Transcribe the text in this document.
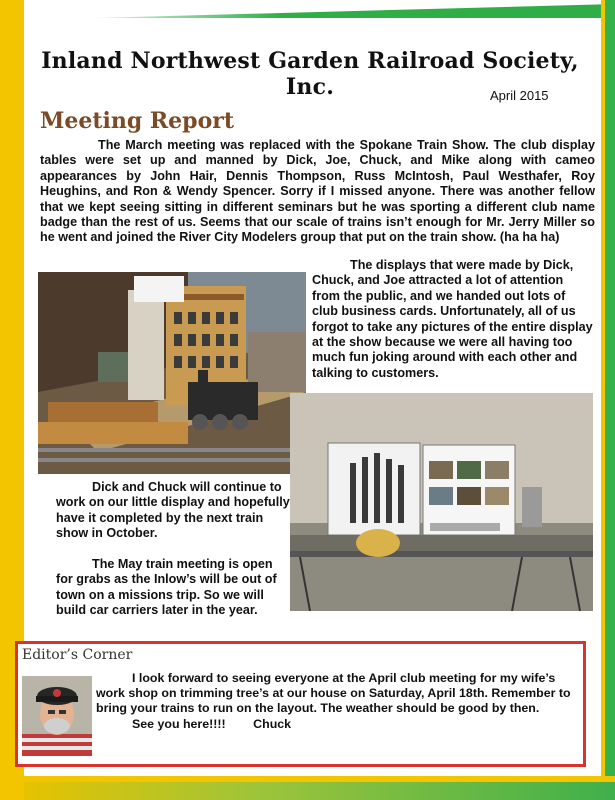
Inland Northwest Garden Railroad Society, Inc.	April 2015
Meeting Report
The March meeting was replaced with the Spokane Train Show. The club display tables were set up and manned by Dick, Joe, Chuck, and Mike along with cameo appearances by John Hair, Dennis Thompson, Russ McIntosh, Paul Westhafer, Roy Heughins, and Ron & Wendy Spencer. Sorry if I missed anyone. There was another fellow that we kept seeing sitting in different seminars but he was sporting a different club name badge than the rest of us. Seems that our scale of trains isn’t enough for Mr. Jerry Miller so he went and joined the River City Modelers group that put on the train show. (ha ha ha)
The displays that were made by Dick, Chuck, and Joe attracted a lot of attention from the public, and we handed out lots of club business cards. Unfortunately, all of us forgot to take any pictures of the entire display at the show because we were all having too much fun joking around with each other and talking to customers.
Dick and Chuck will continue to work on our little display and hopefully have it completed by the next train show in October.
The May train meeting is open for grabs as the Inlow’s will be out of town on a missions trip. So we will build car carriers later in the year.
Editor’s Corner
I look forward to seeing everyone at the April club meeting for my wife’s work shop on trimming tree’s at our house on Saturday, April 18th. Remember to bring your trains to run on the layout. The weather should be good by then.
See you here!!!!        Chuck
